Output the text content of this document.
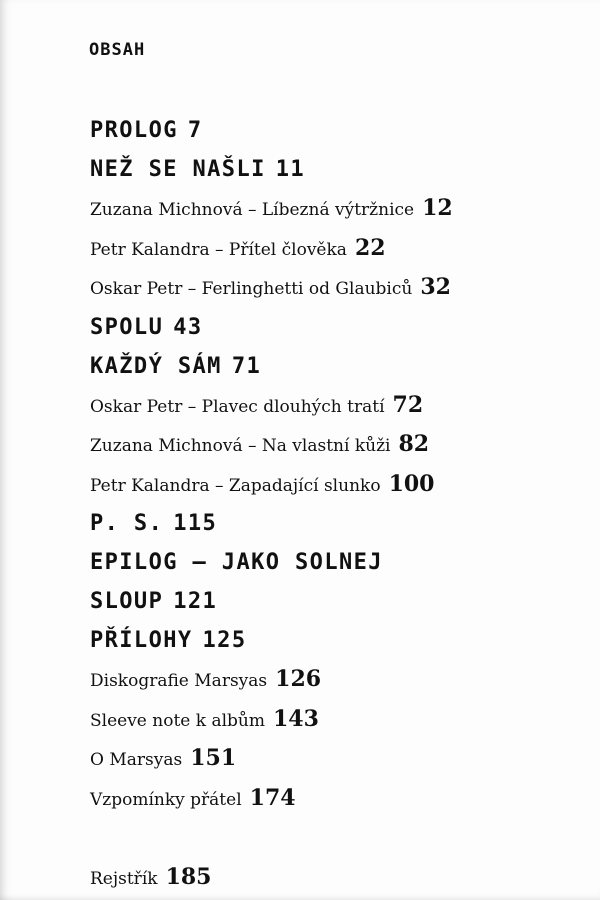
OBSAH
PROLOG 7
NEŽ SE NAŠLI 11
Zuzana Michnová – Líbezná výtržnice 12
Petr Kalandra – Přítel člověka 22
Oskar Petr – Ferlinghetti od Glaubiců 32
SPOLU 43
KAŽDÝ SÁM 71
Oskar Petr – Plavec dlouhých tratí 72
Zuzana Michnová – Na vlastní kůži 82
Petr Kalandra – Zapadající slunko 100
P. S. 115
EPILOG – JAKO SOLNEJ
SLOUP 121
PŘÍLOHY 125
Diskografie Marsyas 126
Sleeve note k albům 143
O Marsyas 151
Vzpomínky přátel 174
Rejstřík 185
